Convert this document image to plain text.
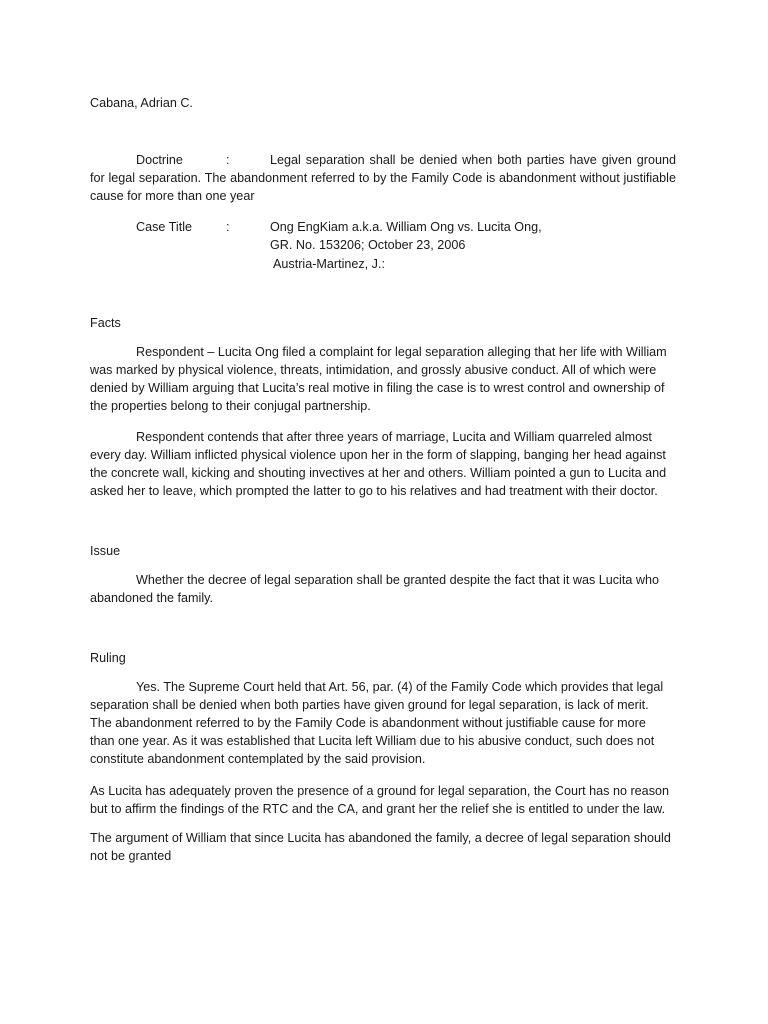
Cabana, Adrian C.
Doctrine	:	Legal separation shall be denied when both parties have given ground for legal separation. The abandonment referred to by the Family Code is abandonment without justifiable cause for more than one year

Case Title	:	Ong EngKiam a.k.a. William Ong vs. Lucita Ong,
GR. No. 153206; October 23, 2006
Austria-Martinez, J.:
Facts
Respondent – Lucita Ong filed a complaint for legal separation alleging that her life with William
was marked by physical violence, threats, intimidation, and grossly abusive conduct. All of which were
denied by William arguing that Lucita’s real motive in filing the case is to wrest control and ownership of
the properties belong to their conjugal partnership.
Respondent contends that after three years of marriage, Lucita and William quarreled almost
every day. William inflicted physical violence upon her in the form of slapping, banging her head against
the concrete wall, kicking and shouting invectives at her and others. William pointed a gun to Lucita and
asked her to leave, which prompted the latter to go to his relatives and had treatment with their doctor.
Issue
Whether the decree of legal separation shall be granted despite the fact that it was Lucita who
abandoned the family.
Ruling
Yes. The Supreme Court held that Art. 56, par. (4) of the Family Code which provides that legal
separation shall be denied when both parties have given ground for legal separation, is lack of merit.
The abandonment referred to by the Family Code is abandonment without justifiable cause for more
than one year. As it was established that Lucita left William due to his abusive conduct, such does not
constitute abandonment contemplated by the said provision.
As Lucita has adequately proven the presence of a ground for legal separation, the Court has no reason
but to affirm the findings of the RTC and the CA, and grant her the relief she is entitled to under the law.
The argument of William that since Lucita has abandoned the family, a decree of legal separation should
not be granted
